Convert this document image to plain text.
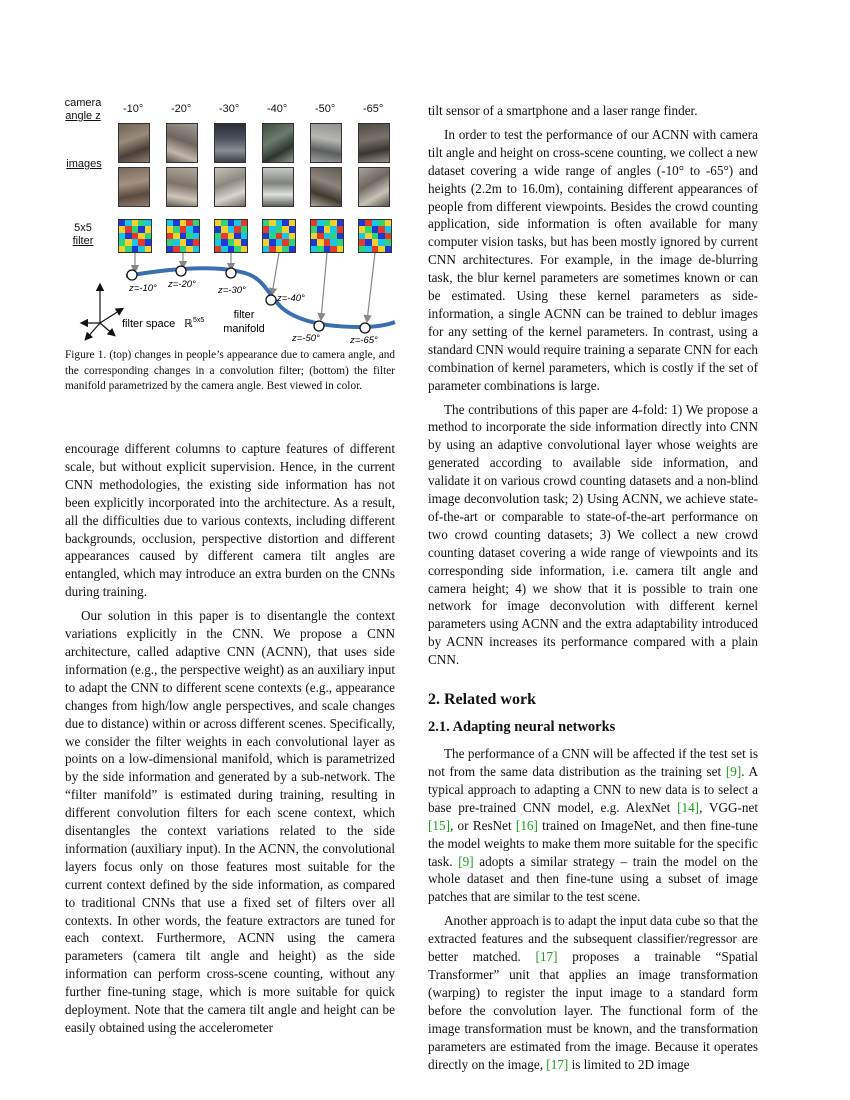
camera
angle z
images
5x5
filter
-10°	-20°	-30°	-40°	-50°	-65°
z=-10° z=-20°
z=-30°
z=-40°
z=-50°	z=-65°
filter space ℝ 5x5	filter
manifold
Figure 1. (top) changes in people’s appearance due to camera angle, and the corresponding changes in a convolution filter; (bottom) the filter manifold parametrized by the camera angle. Best viewed in color.

encourage different columns to capture features of different scale, but without explicit supervision. Hence, in the current CNN methodologies, the existing side information has not been explicitly incorporated into the architecture. As a result, all the difficulties due to various contexts, including different backgrounds, occlusion, perspective distortion and different appearances caused by different camera tilt angles are entangled, which may introduce an extra burden on the CNNs during training.

Our solution in this paper is to disentangle the context variations explicitly in the CNN. We propose a CNN architecture, called adaptive CNN (ACNN), that uses side information (e.g., the perspective weight) as an auxiliary input to adapt the CNN to different scene contexts (e.g., appearance changes from high/low angle perspectives, and scale changes due to distance) within or across different scenes. Specifically, we consider the filter weights in each convolutional layer as points on a low-dimensional manifold, which is parametrized by the side information and generated by a sub-network. The “filter manifold” is estimated during training, resulting in different convolution filters for each scene context, which disentangles the context variations related to the side information (auxiliary input). In the ACNN, the convolutional layers focus only on those features most suitable for the current context defined by the side information, as compared to traditional CNNs that use a fixed set of filters over all contexts. In other words, the feature extractors are tuned for each context. Furthermore, ACNN using the camera parameters (camera tilt angle and height) as the side information can perform cross-scene counting, without any further fine-tuning stage, which is more suitable for quick deployment. Note that the camera tilt angle and height can be easily obtained using the accelerometer

tilt sensor of a smartphone and a laser range finder.

In order to test the performance of our ACNN with camera tilt angle and height on cross-scene counting, we collect a new dataset covering a wide range of angles (-10° to -65°) and heights (2.2m to 16.0m), containing different appearances of people from different viewpoints. Besides the crowd counting application, side information is often available for many computer vision tasks, but has been mostly ignored by current CNN architectures. For example, in the image de-blurring task, the blur kernel parameters are sometimes known or can be estimated. Using these kernel parameters as side-information, a single ACNN can be trained to deblur images for any setting of the kernel parameters. In contrast, using a standard CNN would require training a separate CNN for each combination of kernel parameters, which is costly if the set of parameter combinations is large.

The contributions of this paper are 4-fold: 1) We propose a method to incorporate the side information directly into CNN by using an adaptive convolutional layer whose weights are generated according to available side information, and validate it on various crowd counting datasets and a non-blind image deconvolution task; 2) Using ACNN, we achieve state-of-the-art or comparable to state-of-the-art performance on two crowd counting datasets; 3) We collect a new crowd counting dataset covering a wide range of viewpoints and its corresponding side information, i.e. camera tilt angle and camera height; 4) we show that it is possible to train one network for image deconvolution with different kernel parameters using ACNN and the extra adaptability introduced by ACNN increases its performance compared with a plain CNN.

2. Related work
2.1. Adapting neural networks

The performance of a CNN will be affected if the test set is not from the same data distribution as the training set [9]. A typical approach to adapting a CNN to new data is to select a base pre-trained CNN model, e.g. AlexNet [14], VGG-net [15], or ResNet [16] trained on ImageNet, and then fine-tune the model weights to make them more suitable for the specific task. [9] adopts a similar strategy – train the model on the whole dataset and then fine-tune using a subset of image patches that are similar to the test scene.

Another approach is to adapt the input data cube so that the extracted features and the subsequent classifier/regressor are better matched. [17] proposes a trainable “Spatial Transformer” unit that applies an image transformation (warping) to register the input image to a standard form before the convolution layer. The functional form of the image transformation must be known, and the transformation parameters are estimated from the image. Because it operates directly on the image, [17] is limited to 2D image
